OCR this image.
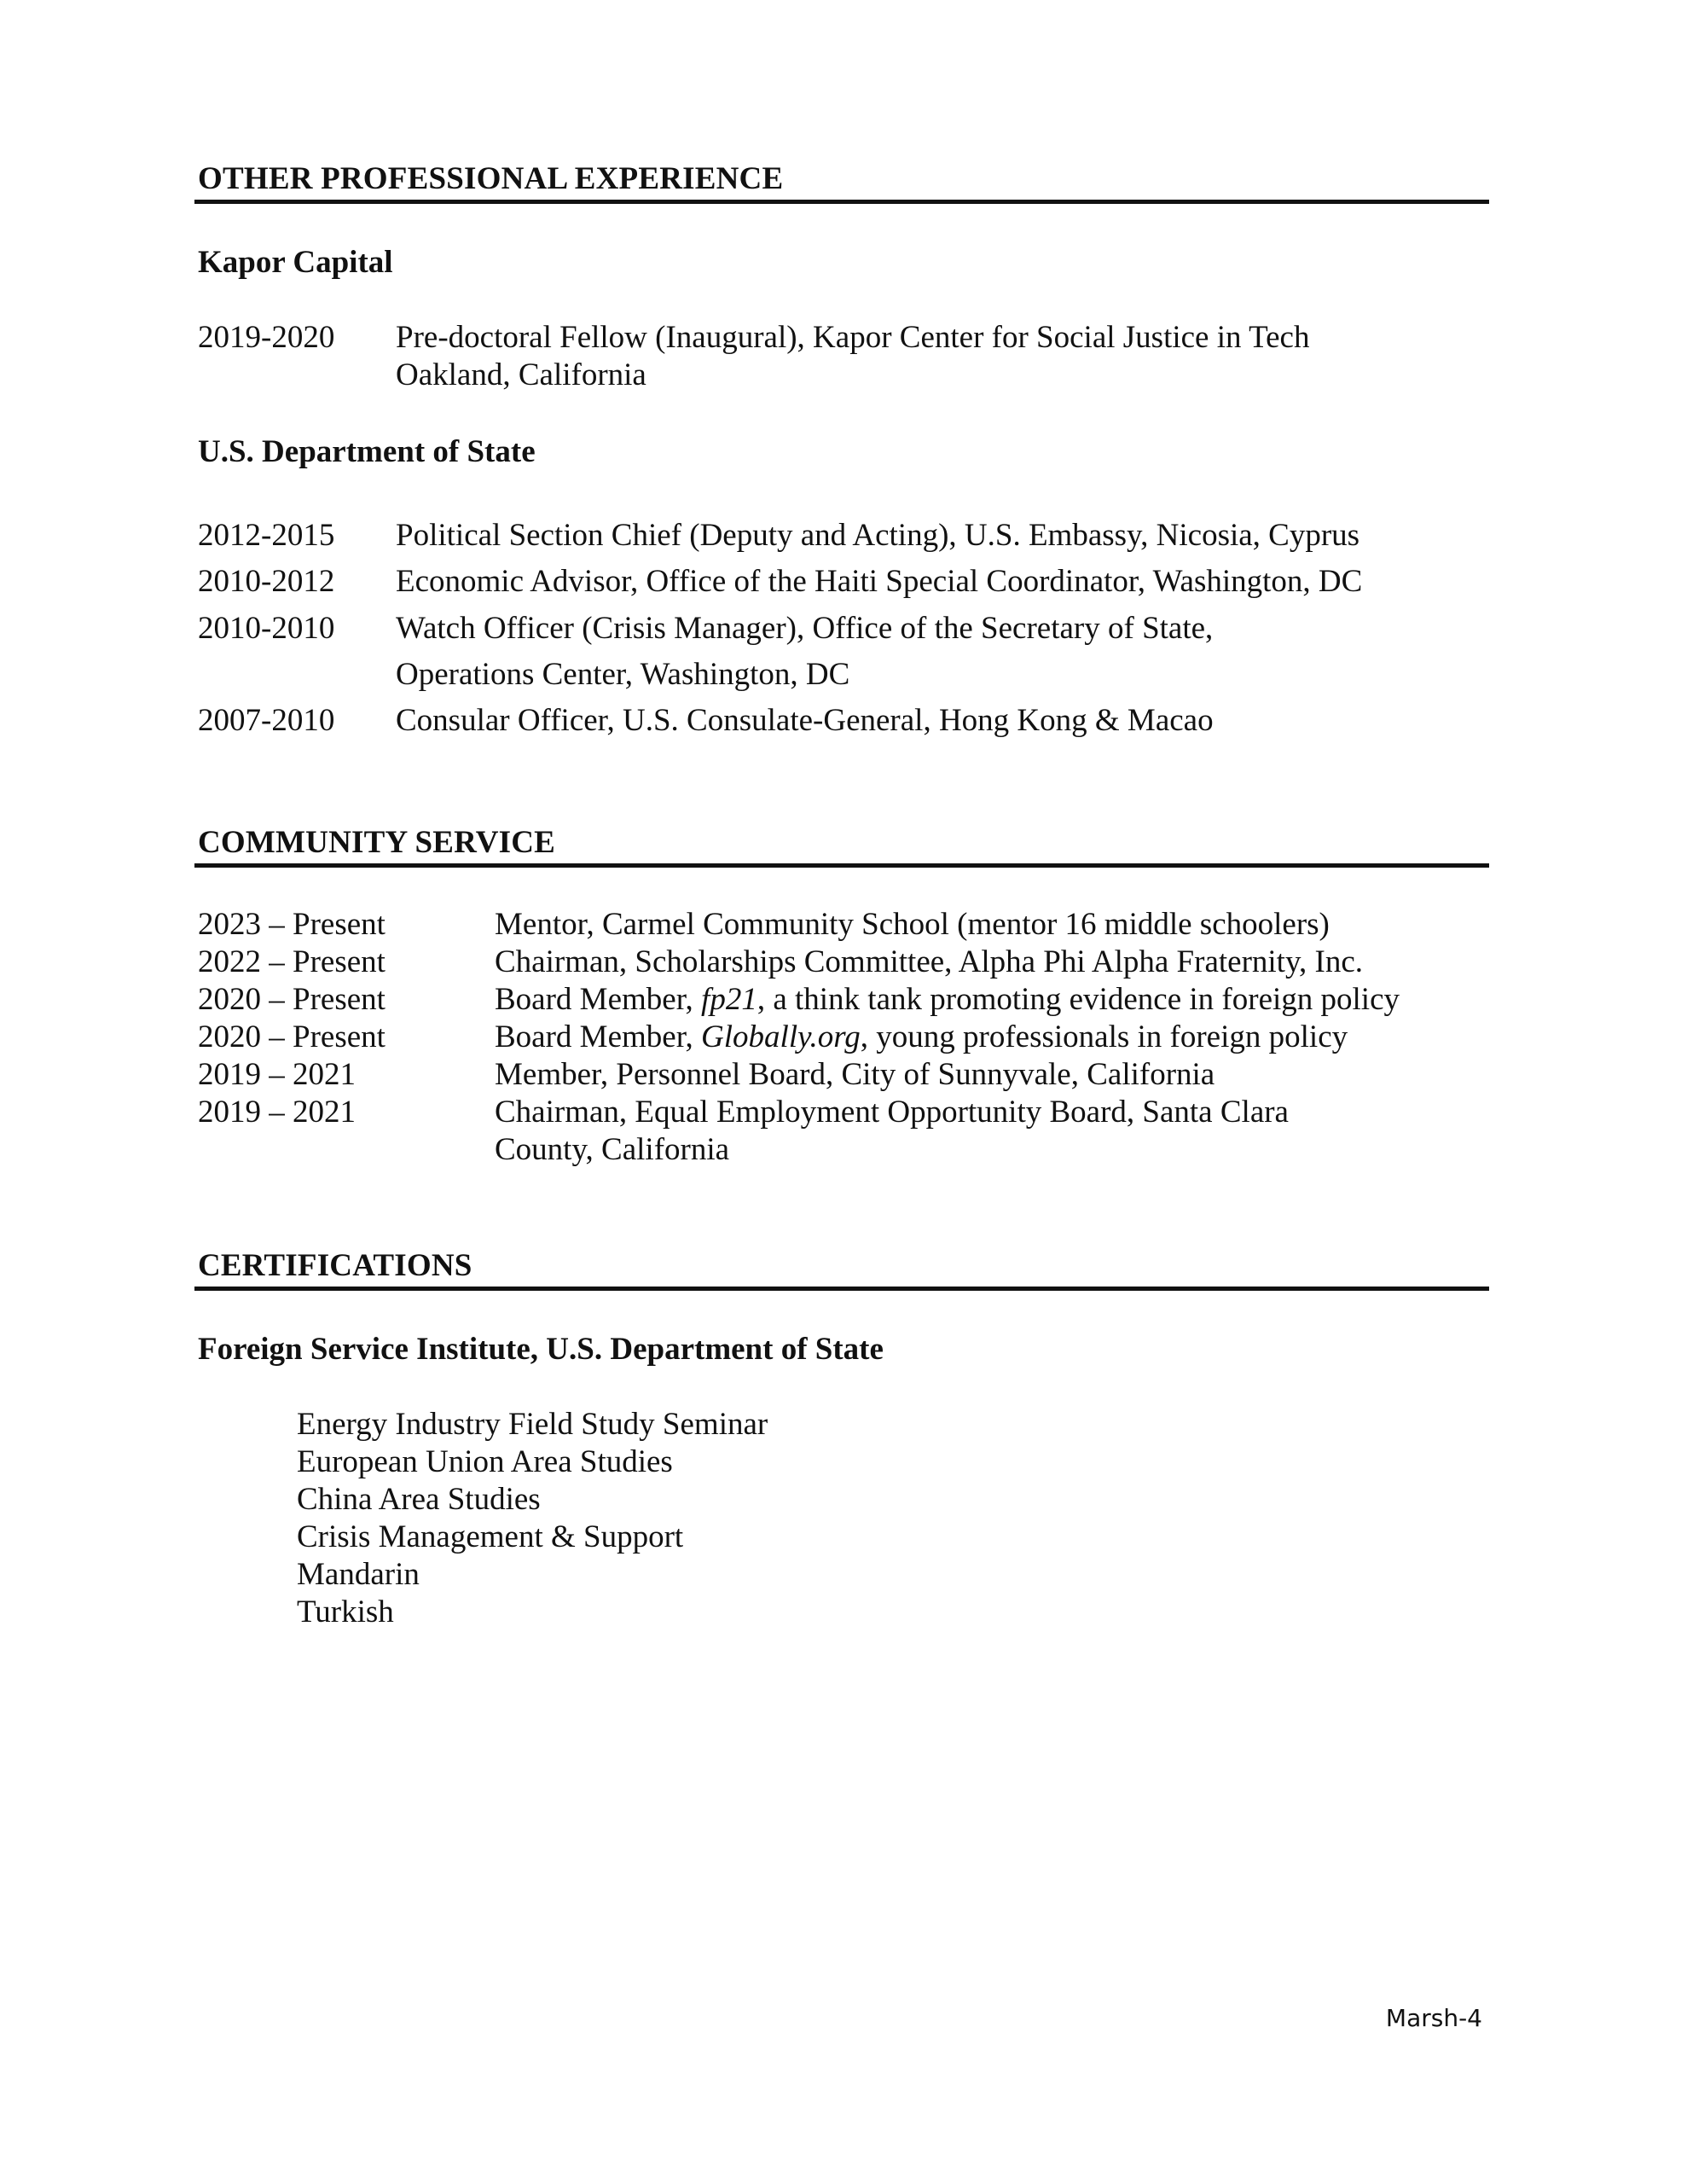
OTHER PROFESSIONAL EXPERIENCE
Kapor Capital
2019-2020 Pre-doctoral Fellow (Inaugural), Kapor Center for Social Justice in Tech
Oakland, California
U.S. Department of State
2012-2015 Political Section Chief (Deputy and Acting), U.S. Embassy, Nicosia, Cyprus
2010-2012 Economic Advisor, Office of the Haiti Special Coordinator, Washington, DC
2010-2010 Watch Officer (Crisis Manager), Office of the Secretary of State,
Operations Center, Washington, DC
2007-2010 Consular Officer, U.S. Consulate-General, Hong Kong & Macao
COMMUNITY SERVICE
2023 – Present	Mentor, Carmel Community School (mentor 16 middle schoolers)
2022 – Present	Chairman, Scholarships Committee, Alpha Phi Alpha Fraternity, Inc.
2020 – Present	Board Member, fp21, a think tank promoting evidence in foreign policy
2020 – Present	Board Member, Globally.org, young professionals in foreign policy
2019 – 2021	Member, Personnel Board, City of Sunnyvale, California
2019 – 2021	Chairman, Equal Employment Opportunity Board, Santa Clara
County, California
CERTIFICATIONS
Foreign Service Institute, U.S. Department of State
Energy Industry Field Study Seminar
European Union Area Studies
China Area Studies
Crisis Management & Support
Mandarin
Turkish
Marsh-4
